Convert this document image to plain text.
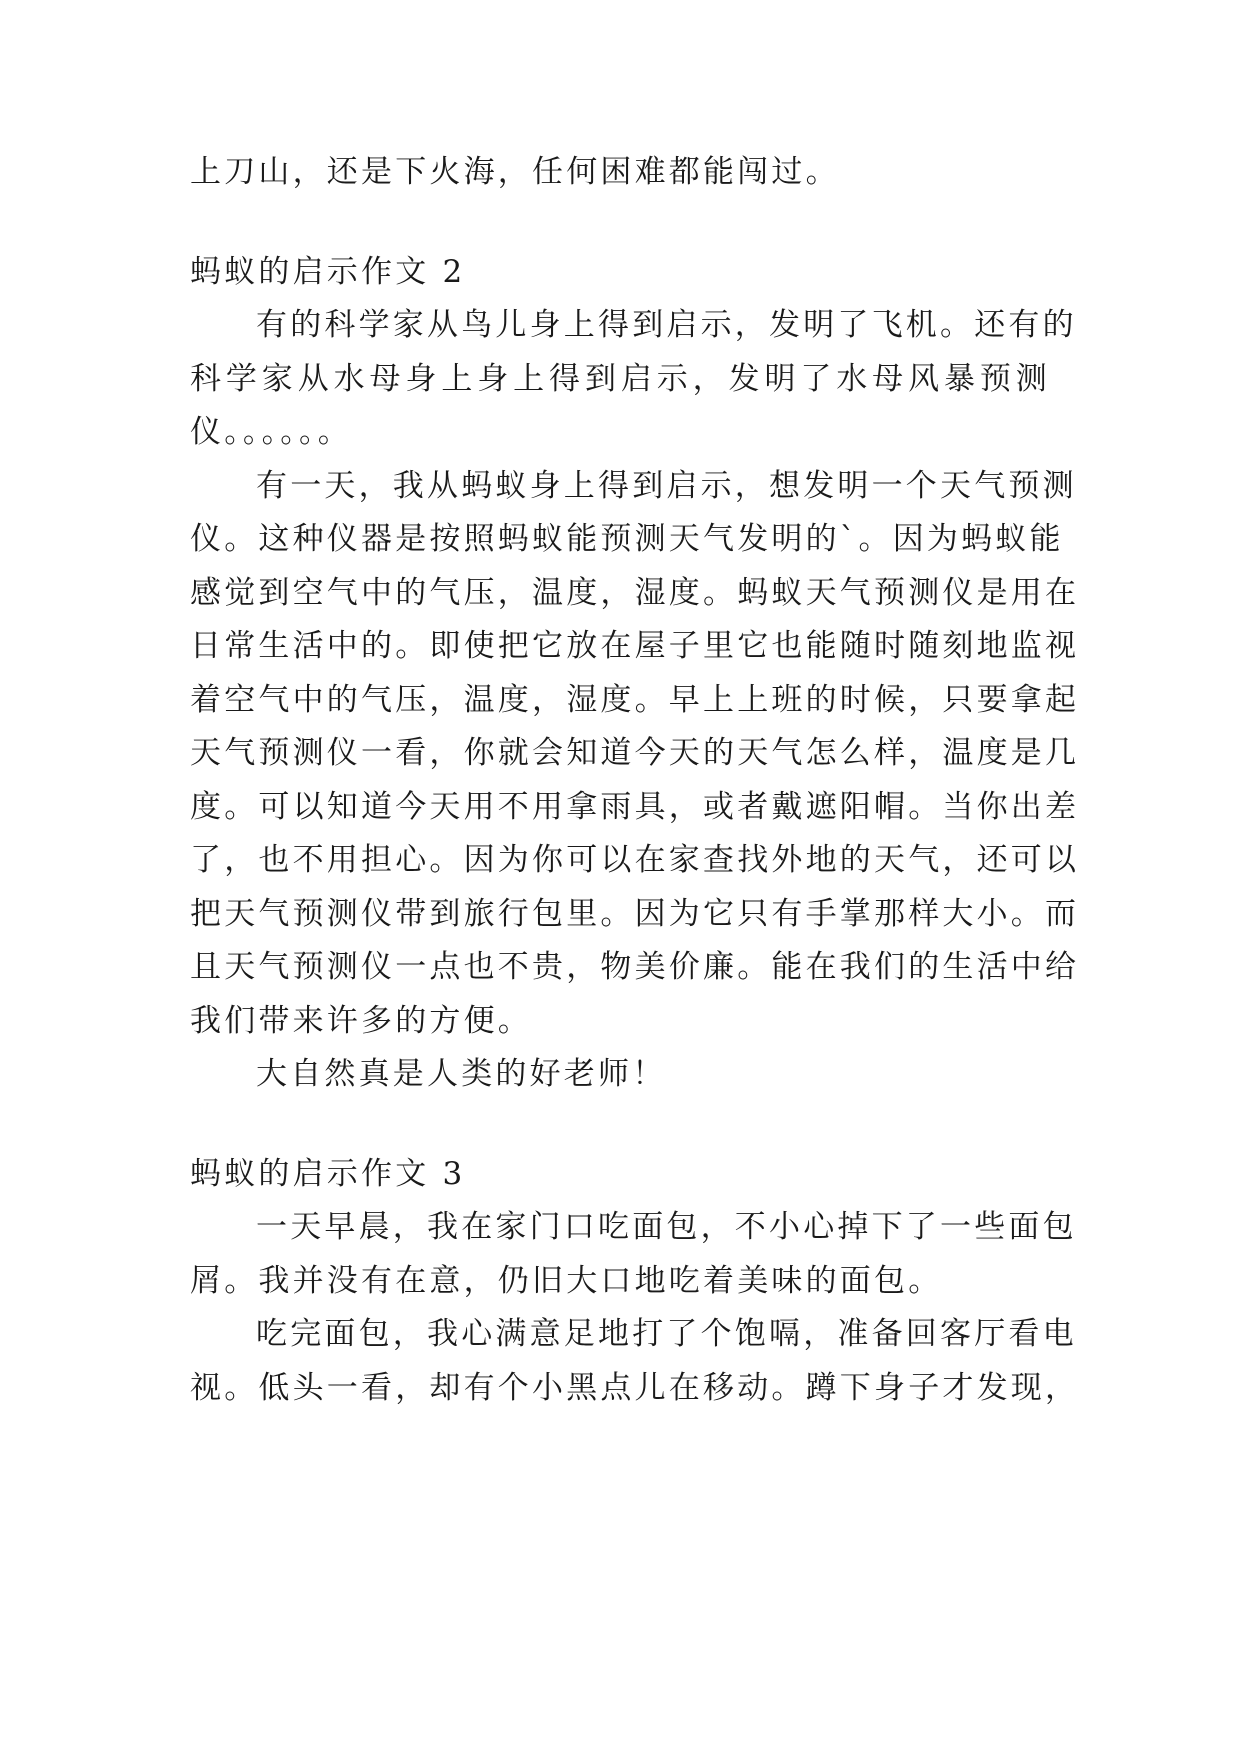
上刀山，还是下火海，任何困难都能闯过。
蚂蚁的启示作文 2
有的科学家从鸟儿身上得到启示，发明了飞机。还有的
科学家从水母身上身上得到启示，发明了水母风暴预测
仪。。。。。。
有一天，我从蚂蚁身上得到启示，想发明一个天气预测
仪。这种仪器是按照蚂蚁能预测天气发明的`。因为蚂蚁能
感觉到空气中的气压，温度，湿度。蚂蚁天气预测仪是用在
日常生活中的。即使把它放在屋子里它也能随时随刻地监视
着空气中的气压，温度，湿度。早上上班的时候，只要拿起
天气预测仪一看，你就会知道今天的天气怎么样，温度是几
度。可以知道今天用不用拿雨具，或者戴遮阳帽。当你出差
了，也不用担心。因为你可以在家查找外地的天气，还可以
把天气预测仪带到旅行包里。因为它只有手掌那样大小。而
且天气预测仪一点也不贵，物美价廉。能在我们的生活中给
我们带来许多的方便。
大自然真是人类的好老师！
蚂蚁的启示作文 3
一天早晨，我在家门口吃面包，不小心掉下了一些面包
屑。我并没有在意，仍旧大口地吃着美味的面包。
吃完面包，我心满意足地打了个饱嗝，准备回客厅看电
视。低头一看，却有个小黑点儿在移动。蹲下身子才发现，
